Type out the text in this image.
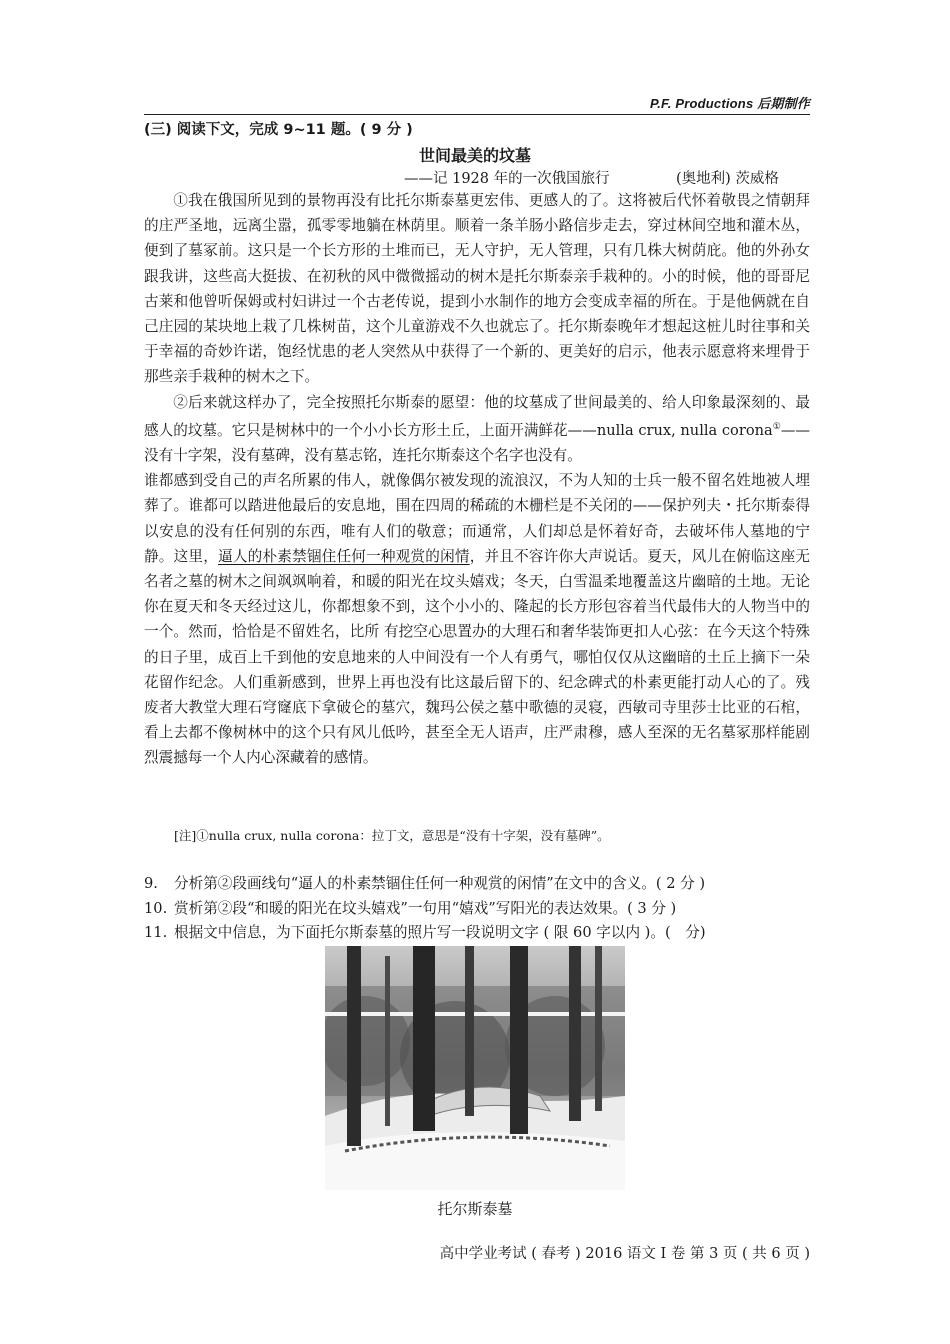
P.F. Productions 后期制作
(三) 阅读下文，完成 9~11 题。( 9 分 )
世间最美的坟墓
——记 1928 年的一次俄国旅行	(奥地利) 茨威格

①我在俄国所见到的景物再没有比托尔斯泰墓更宏伟、更感人的了。这将被后代怀着敬畏之情朝拜的庄严圣地，远离尘嚣，孤零零地躺在林荫里。顺着一条羊肠小路信步走去，穿过林间空地和灌木丛，便到了墓冢前。这只是一个长方形的土堆而已，无人守护，无人管理，只有几株大树荫庇。他的外孙女跟我讲，这些高大挺拔、在初秋的风中微微摇动的树木是托尔斯泰亲手栽种的。小的时候，他的哥哥尼古莱和他曾听保姆或村妇讲过一个古老传说，提到小水制作的地方会变成幸福的所在。于是他俩就在自己庄园的某块地上栽了几株树苗，这个儿童游戏不久也就忘了。托尔斯泰晚年才想起这桩儿时往事和关于幸福的奇妙许诺，饱经忧患的老人突然从中获得了一个新的、更美好的启示，他表示愿意将来埋骨于那些亲手栽种的树木之下。

②后来就这样办了，完全按照托尔斯泰的愿望：他的坟墓成了世间最美的、给人印象最深刻的、最感人的坟墓。它只是树林中的一个小小长方形土丘，上面开满鲜花——nulla crux, nulla corona①——没有十字架，没有墓碑，没有墓志铭，连托尔斯泰这个名字也没有。

谁都感到受自己的声名所累的伟人，就像偶尔被发现的流浪汉，不为人知的士兵一般不留名姓地被人埋葬了。谁都可以踏进他最后的安息地，围在四周的稀疏的木栅栏是不关闭的——保护列夫・托尔斯泰得以安息的没有任何别的东西，唯有人们的敬意；而通常，人们却总是怀着好奇，去破坏伟人墓地的宁静。这里，逼人的朴素禁锢住任何一种观赏的闲情，并且不容许你大声说话。夏天，风儿在俯临这座无名者之墓的树木之间飒飒响着，和暖的阳光在坟头嬉戏；冬天，白雪温柔地覆盖这片幽暗的土地。无论你在夏天和冬天经过这儿，你都想象不到，这个小小的、隆起的长方形包容着当代最伟大的人物当中的一个。然而，恰恰是不留姓名，比所 有挖空心思置办的大理石和奢华装饰更扣人心弦：在今天这个特殊的日子里，成百上千到他的安息地来的人中间没有一个人有勇气，哪怕仅仅从这幽暗的土丘上摘下一朵花留作纪念。人们重新感到，世界上再也没有比这最后留下的、纪念碑式的朴素更能打动人心的了。残废者大教堂大理石穹窿底下拿破仑的墓穴，魏玛公侯之墓中歌德的灵寝，西敏司寺里莎士比亚的石棺，看上去都不像树林中的这个只有风儿低吟，甚至全无人语声，庄严肃穆，感人至深的无名墓冢那样能剧烈震撼每一个人内心深藏着的感情。

[注]①nulla crux, nulla corona：拉丁文，意思是“没有十字架，没有墓碑”。
9. 分析第②段画线句“逼人的朴素禁锢住任何一种观赏的闲情”在文中的含义。( 2 分 )
10. 赏析第②段“和暖的阳光在坟头嬉戏”一句用“嬉戏”写阳光的表达效果。( 3 分 )
11. 根据文中信息，为下面托尔斯泰墓的照片写一段说明文字 ( 限 60 字以内 )。(　分)
托尔斯泰墓
高中学业考试 ( 春考 ) 2016 语文 I 卷 第 3 页 ( 共 6 页 )
